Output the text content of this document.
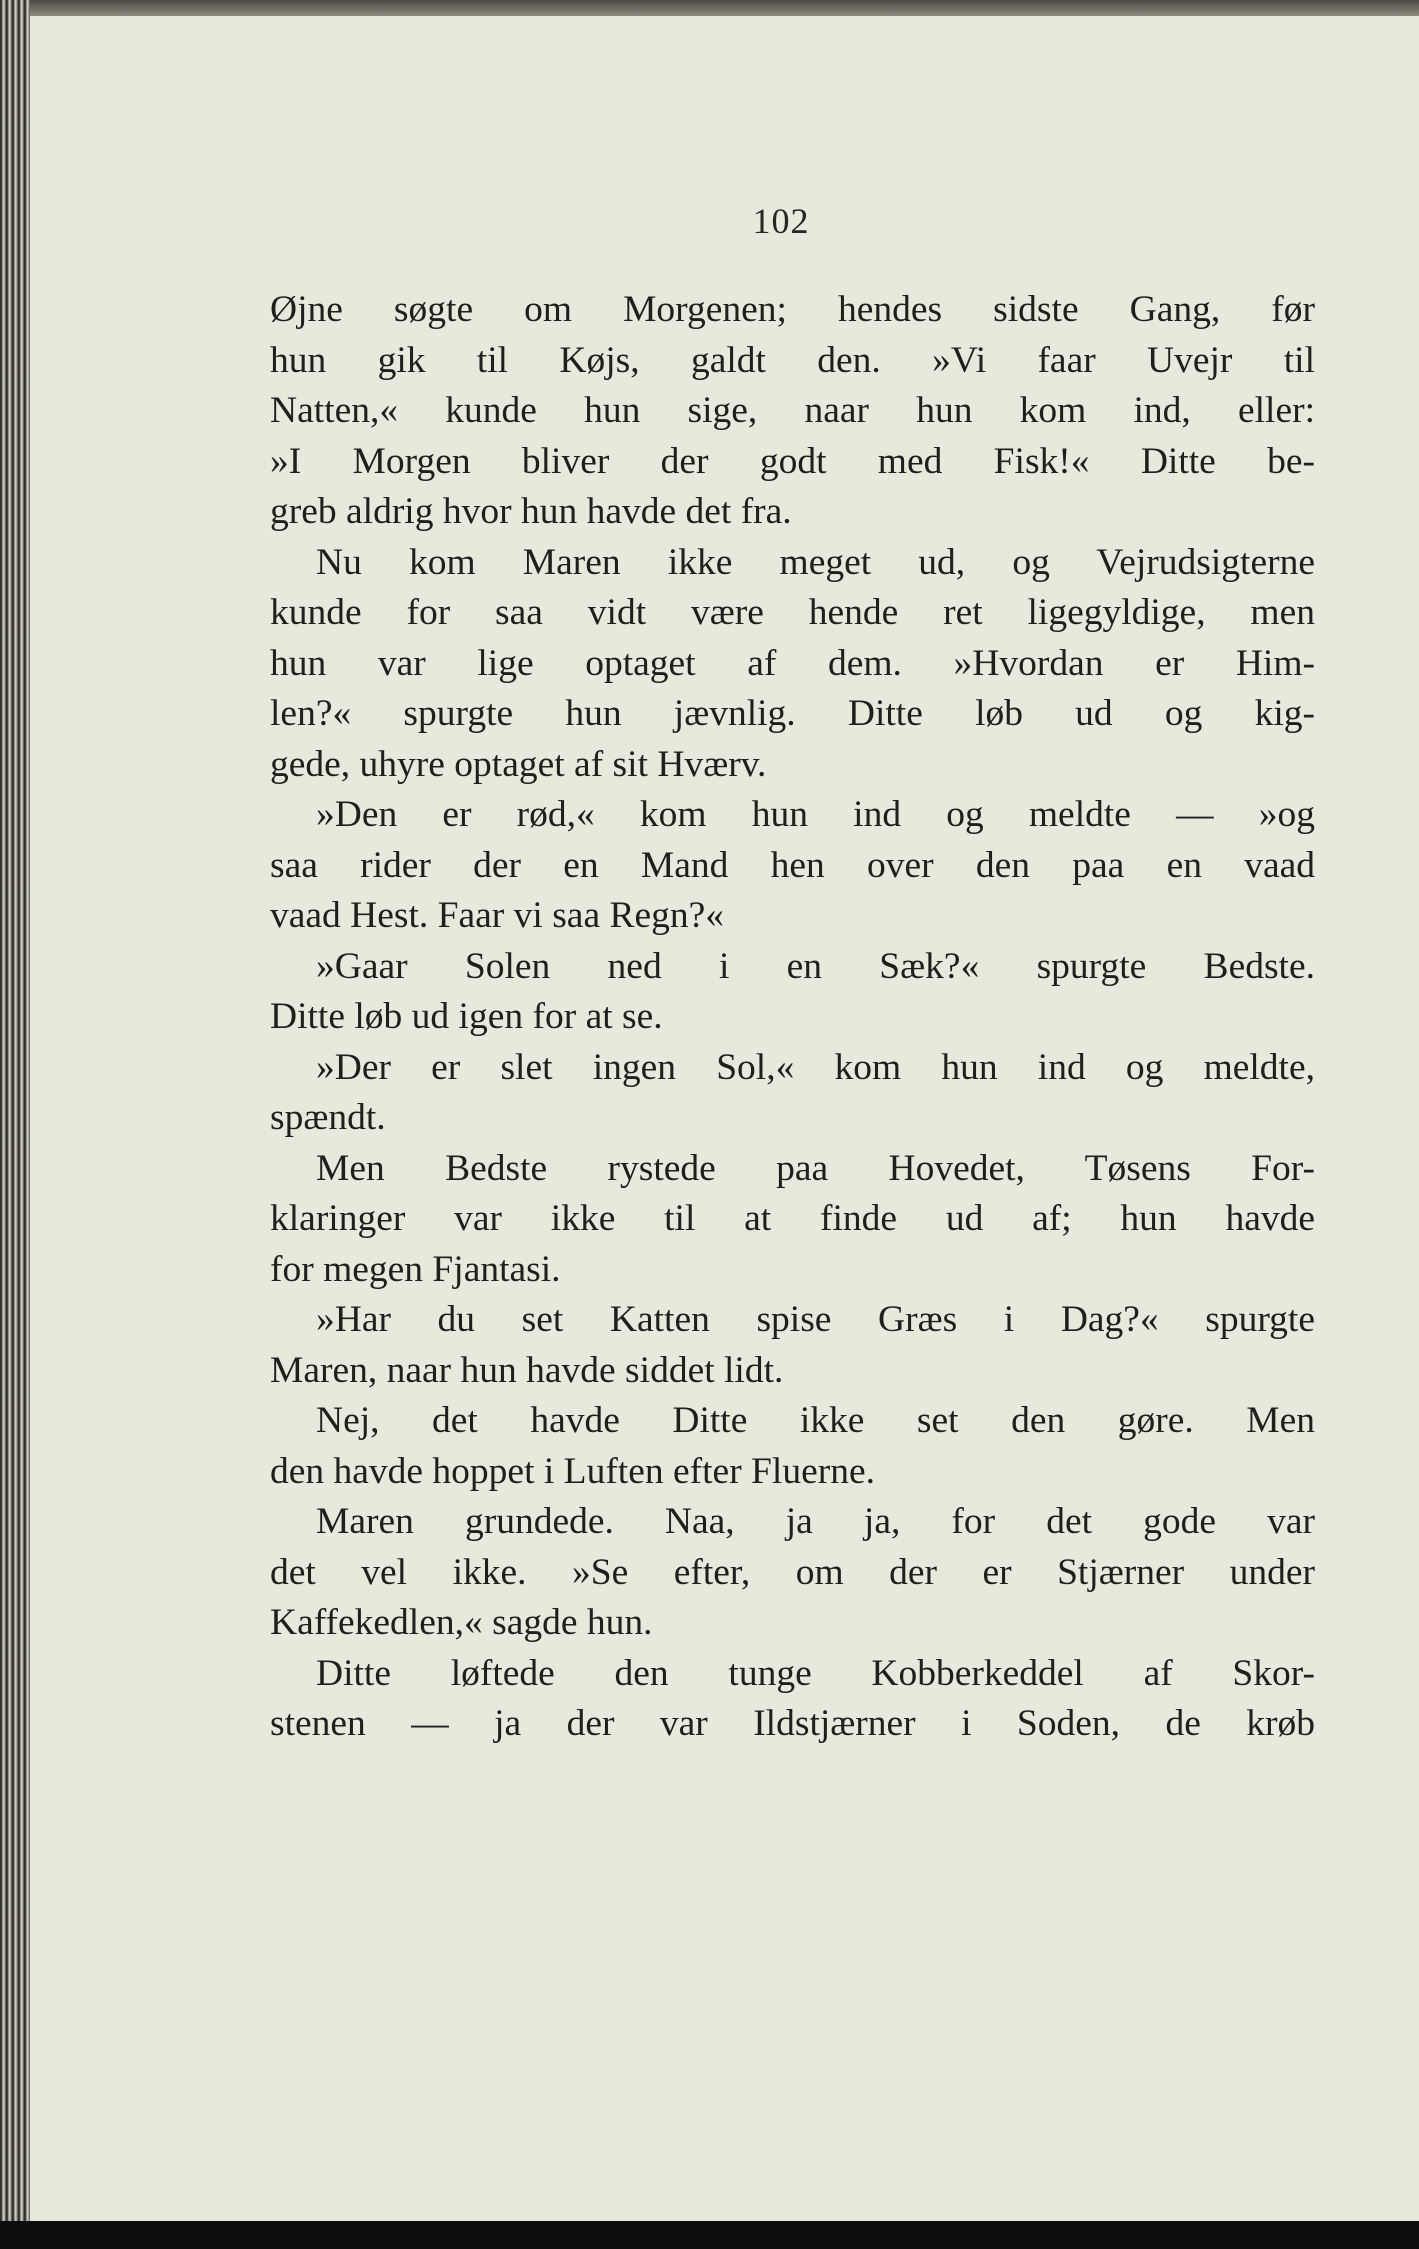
102
Øjne søgte om Morgenen; hendes sidste Gang, før
hun gik til Køjs, galdt den. »Vi faar Uvejr til
Natten,« kunde hun sige, naar hun kom ind, eller:
»I Morgen bliver der godt med Fisk!« Ditte be-
greb aldrig hvor hun havde det fra.
Nu kom Maren ikke meget ud, og Vejrudsigterne
kunde for saa vidt være hende ret ligegyldige, men
hun var lige optaget af dem. »Hvordan er Him-
len?« spurgte hun jævnlig. Ditte løb ud og kig-
gede, uhyre optaget af sit Hværv.
»Den er rød,« kom hun ind og meldte — »og
saa rider der en Mand hen over den paa en vaad
vaad Hest. Faar vi saa Regn?«
»Gaar Solen ned i en Sæk?« spurgte Bedste.
Ditte løb ud igen for at se.
»Der er slet ingen Sol,« kom hun ind og meldte,
spændt.
Men Bedste rystede paa Hovedet, Tøsens For-
klaringer var ikke til at finde ud af; hun havde
for megen Fjantasi.
»Har du set Katten spise Græs i Dag?« spurgte
Maren, naar hun havde siddet lidt.
Nej, det havde Ditte ikke set den gøre. Men
den havde hoppet i Luften efter Fluerne.
Maren grundede. Naa, ja ja, for det gode var
det vel ikke. »Se efter, om der er Stjærner under
Kaffekedlen,« sagde hun.
Ditte løftede den tunge Kobberkeddel af Skor-
stenen — ja der var Ildstjærner i Soden, de krøb
